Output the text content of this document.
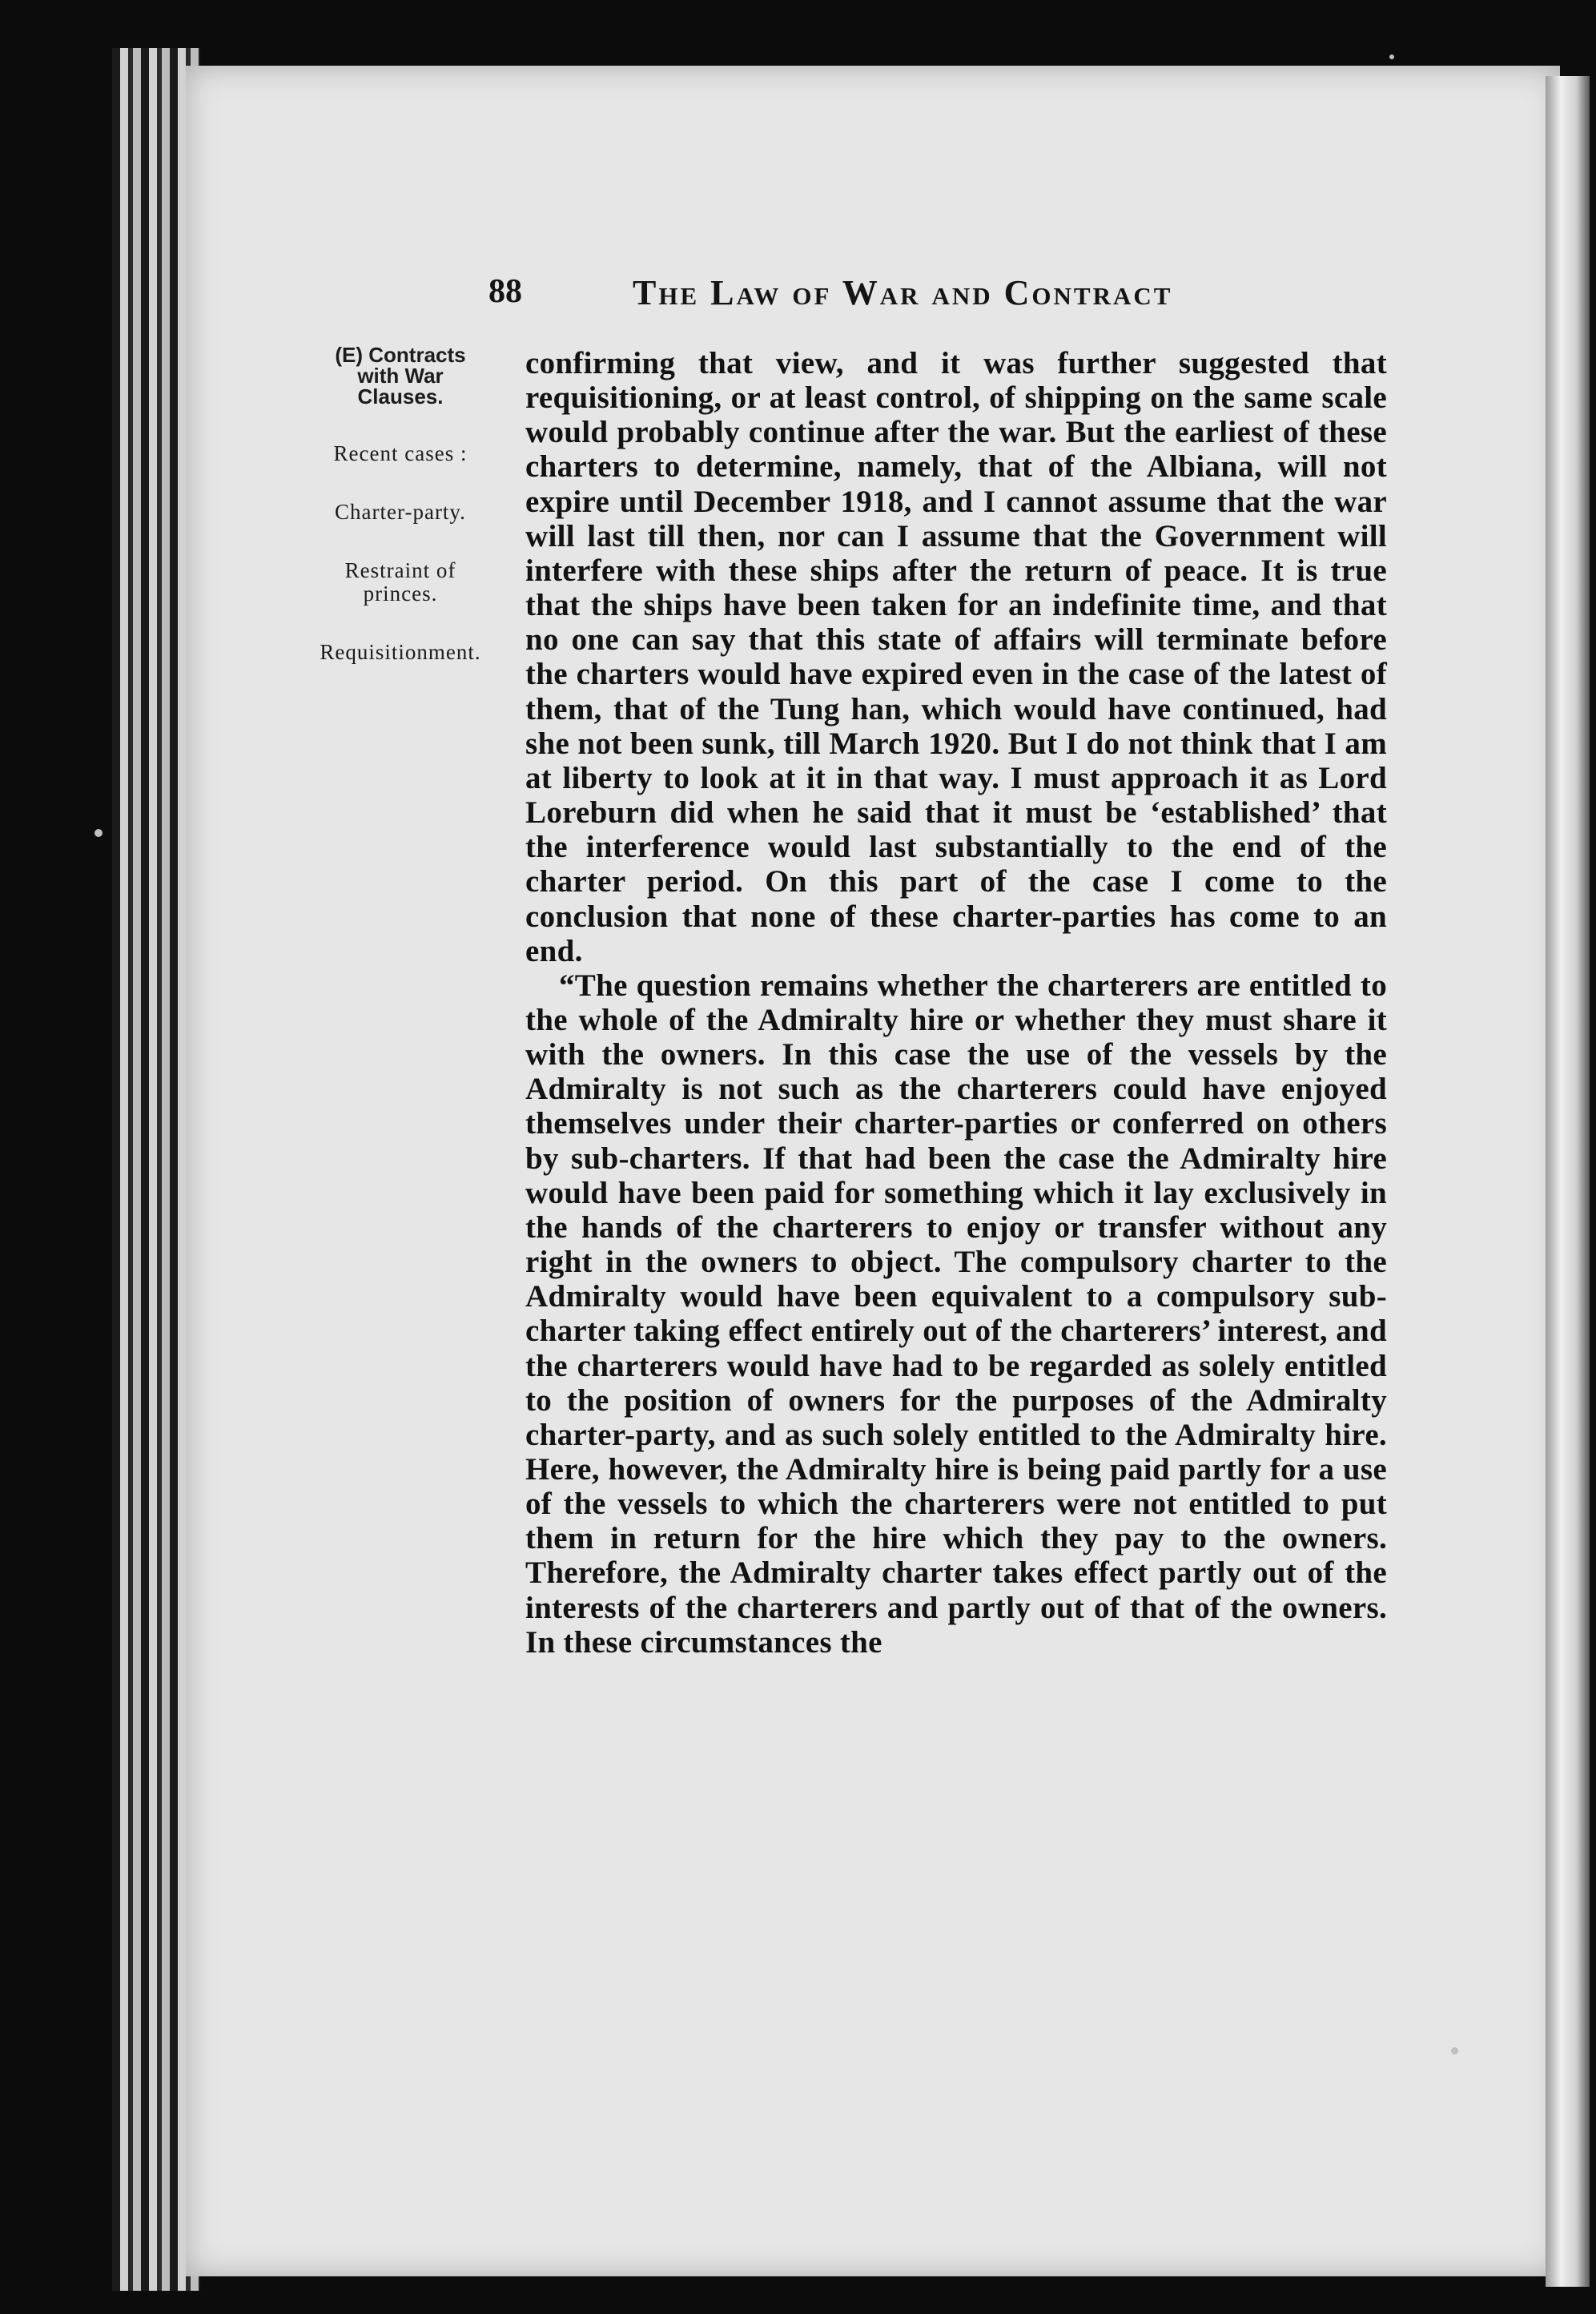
88	The Law of War and Contract

(E) Contracts with War Clauses.

Recent cases :

Charter-party.

Restraint of princes.

Requisitionment.

confirming that view, and it was further suggested that requisitioning, or at least control, of shipping on the same scale would probably continue after the war. But the earliest of these charters to determine, namely, that of the Albiana, will not expire until December 1918, and I cannot assume that the war will last till then, nor can I assume that the Government will interfere with these ships after the return of peace. It is true that the ships have been taken for an indefinite time, and that no one can say that this state of affairs will terminate before the charters would have expired even in the case of the latest of them, that of the Tung han, which would have continued, had she not been sunk, till March 1920. But I do not think that I am at liberty to look at it in that way. I must approach it as Lord Loreburn did when he said that it must be ‘established’ that the interference would last substantially to the end of the charter period. On this part of the case I come to the conclusion that none of these charter-parties has come to an end.

“The question remains whether the charterers are entitled to the whole of the Admiralty hire or whether they must share it with the owners. In this case the use of the vessels by the Admiralty is not such as the charterers could have enjoyed themselves under their charter-parties or conferred on others by sub-charters. If that had been the case the Admiralty hire would have been paid for something which it lay exclusively in the hands of the charterers to enjoy or transfer without any right in the owners to object. The compulsory charter to the Admiralty would have been equivalent to a compulsory sub-charter taking effect entirely out of the charterers’ interest, and the charterers would have had to be regarded as solely entitled to the position of owners for the purposes of the Admiralty charter-party, and as such solely entitled to the Admiralty hire. Here, however, the Admiralty hire is being paid partly for a use of the vessels to which the charterers were not entitled to put them in return for the hire which they pay to the owners. Therefore, the Admiralty charter takes effect partly out of the interests of the charterers and partly out of that of the owners. In these circumstances the
